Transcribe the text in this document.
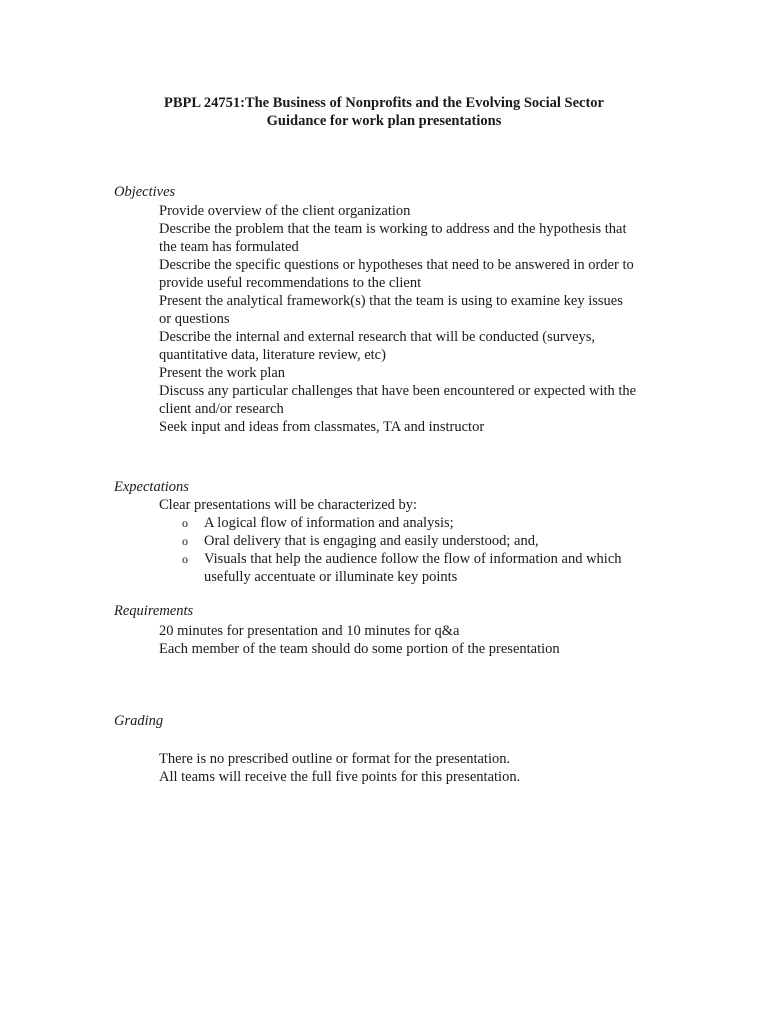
PBPL 24751:The Business of Nonprofits and the Evolving Social Sector
Guidance for work plan presentations
Objectives
Provide overview of the client organization
Describe the problem that the team is working to address and the hypothesis that
the team has formulated
Describe the specific questions or hypotheses that need to be answered in order to
provide useful recommendations to the client
Present the analytical framework(s) that the team is using to examine key issues
or questions
Describe the internal and external research that will be conducted (surveys,
quantitative data, literature review, etc)
Present the work plan
Discuss any particular challenges that have been encountered or expected with the
client and/or research
Seek input and ideas from classmates, TA and instructor
Expectations
Clear presentations will be characterized by:
o A logical flow of information and analysis;
o Oral delivery that is engaging and easily understood; and,
o Visuals that help the audience follow the flow of information and which
usefully accentuate or illuminate key points
Requirements
20 minutes for presentation and 10 minutes for q&a
Each member of the team should do some portion of the presentation
Grading
There is no prescribed outline or format for the presentation.
All teams will receive the full five points for this presentation.
